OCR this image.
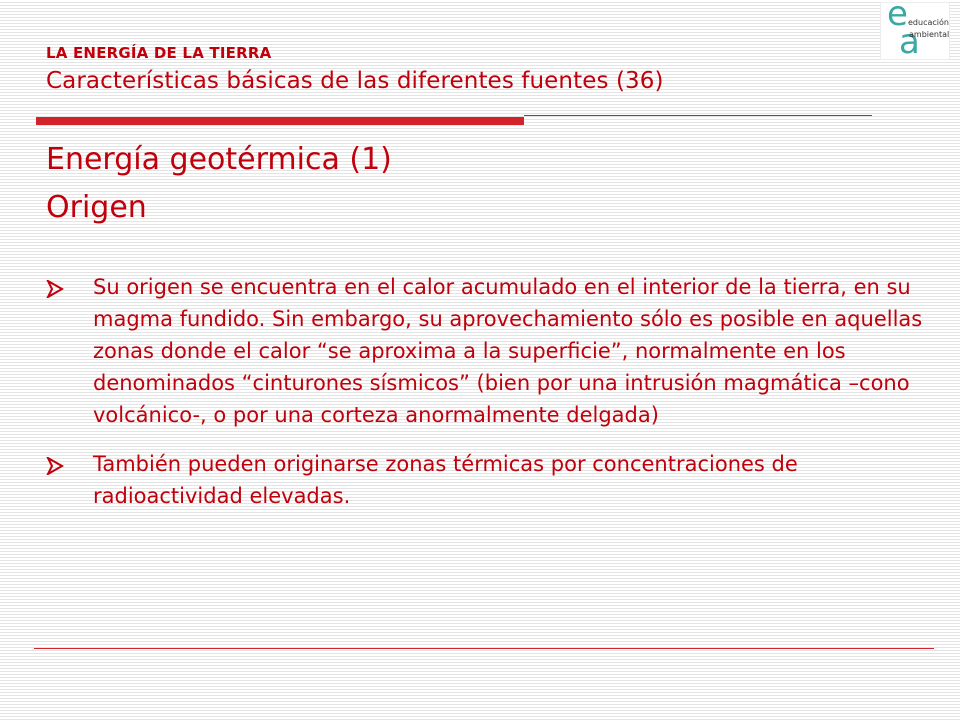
LA ENERGÍA DE LA TIERRA
Características básicas de las diferentes fuentes (36)
e
a
educación
ambiental
Energía geotérmica (1)
Origen
Su origen se encuentra en el calor acumulado en el interior de la tierra, en su magma fundido. Sin embargo, su aprovechamiento sólo es posible en aquellas zonas donde el calor “se aproxima a la superficie”, normalmente en los denominados “cinturones sísmicos” (bien por una intrusión magmática –cono volcánico-, o por una corteza anormalmente delgada)
También pueden originarse zonas térmicas por concentraciones de radioactividad elevadas.
